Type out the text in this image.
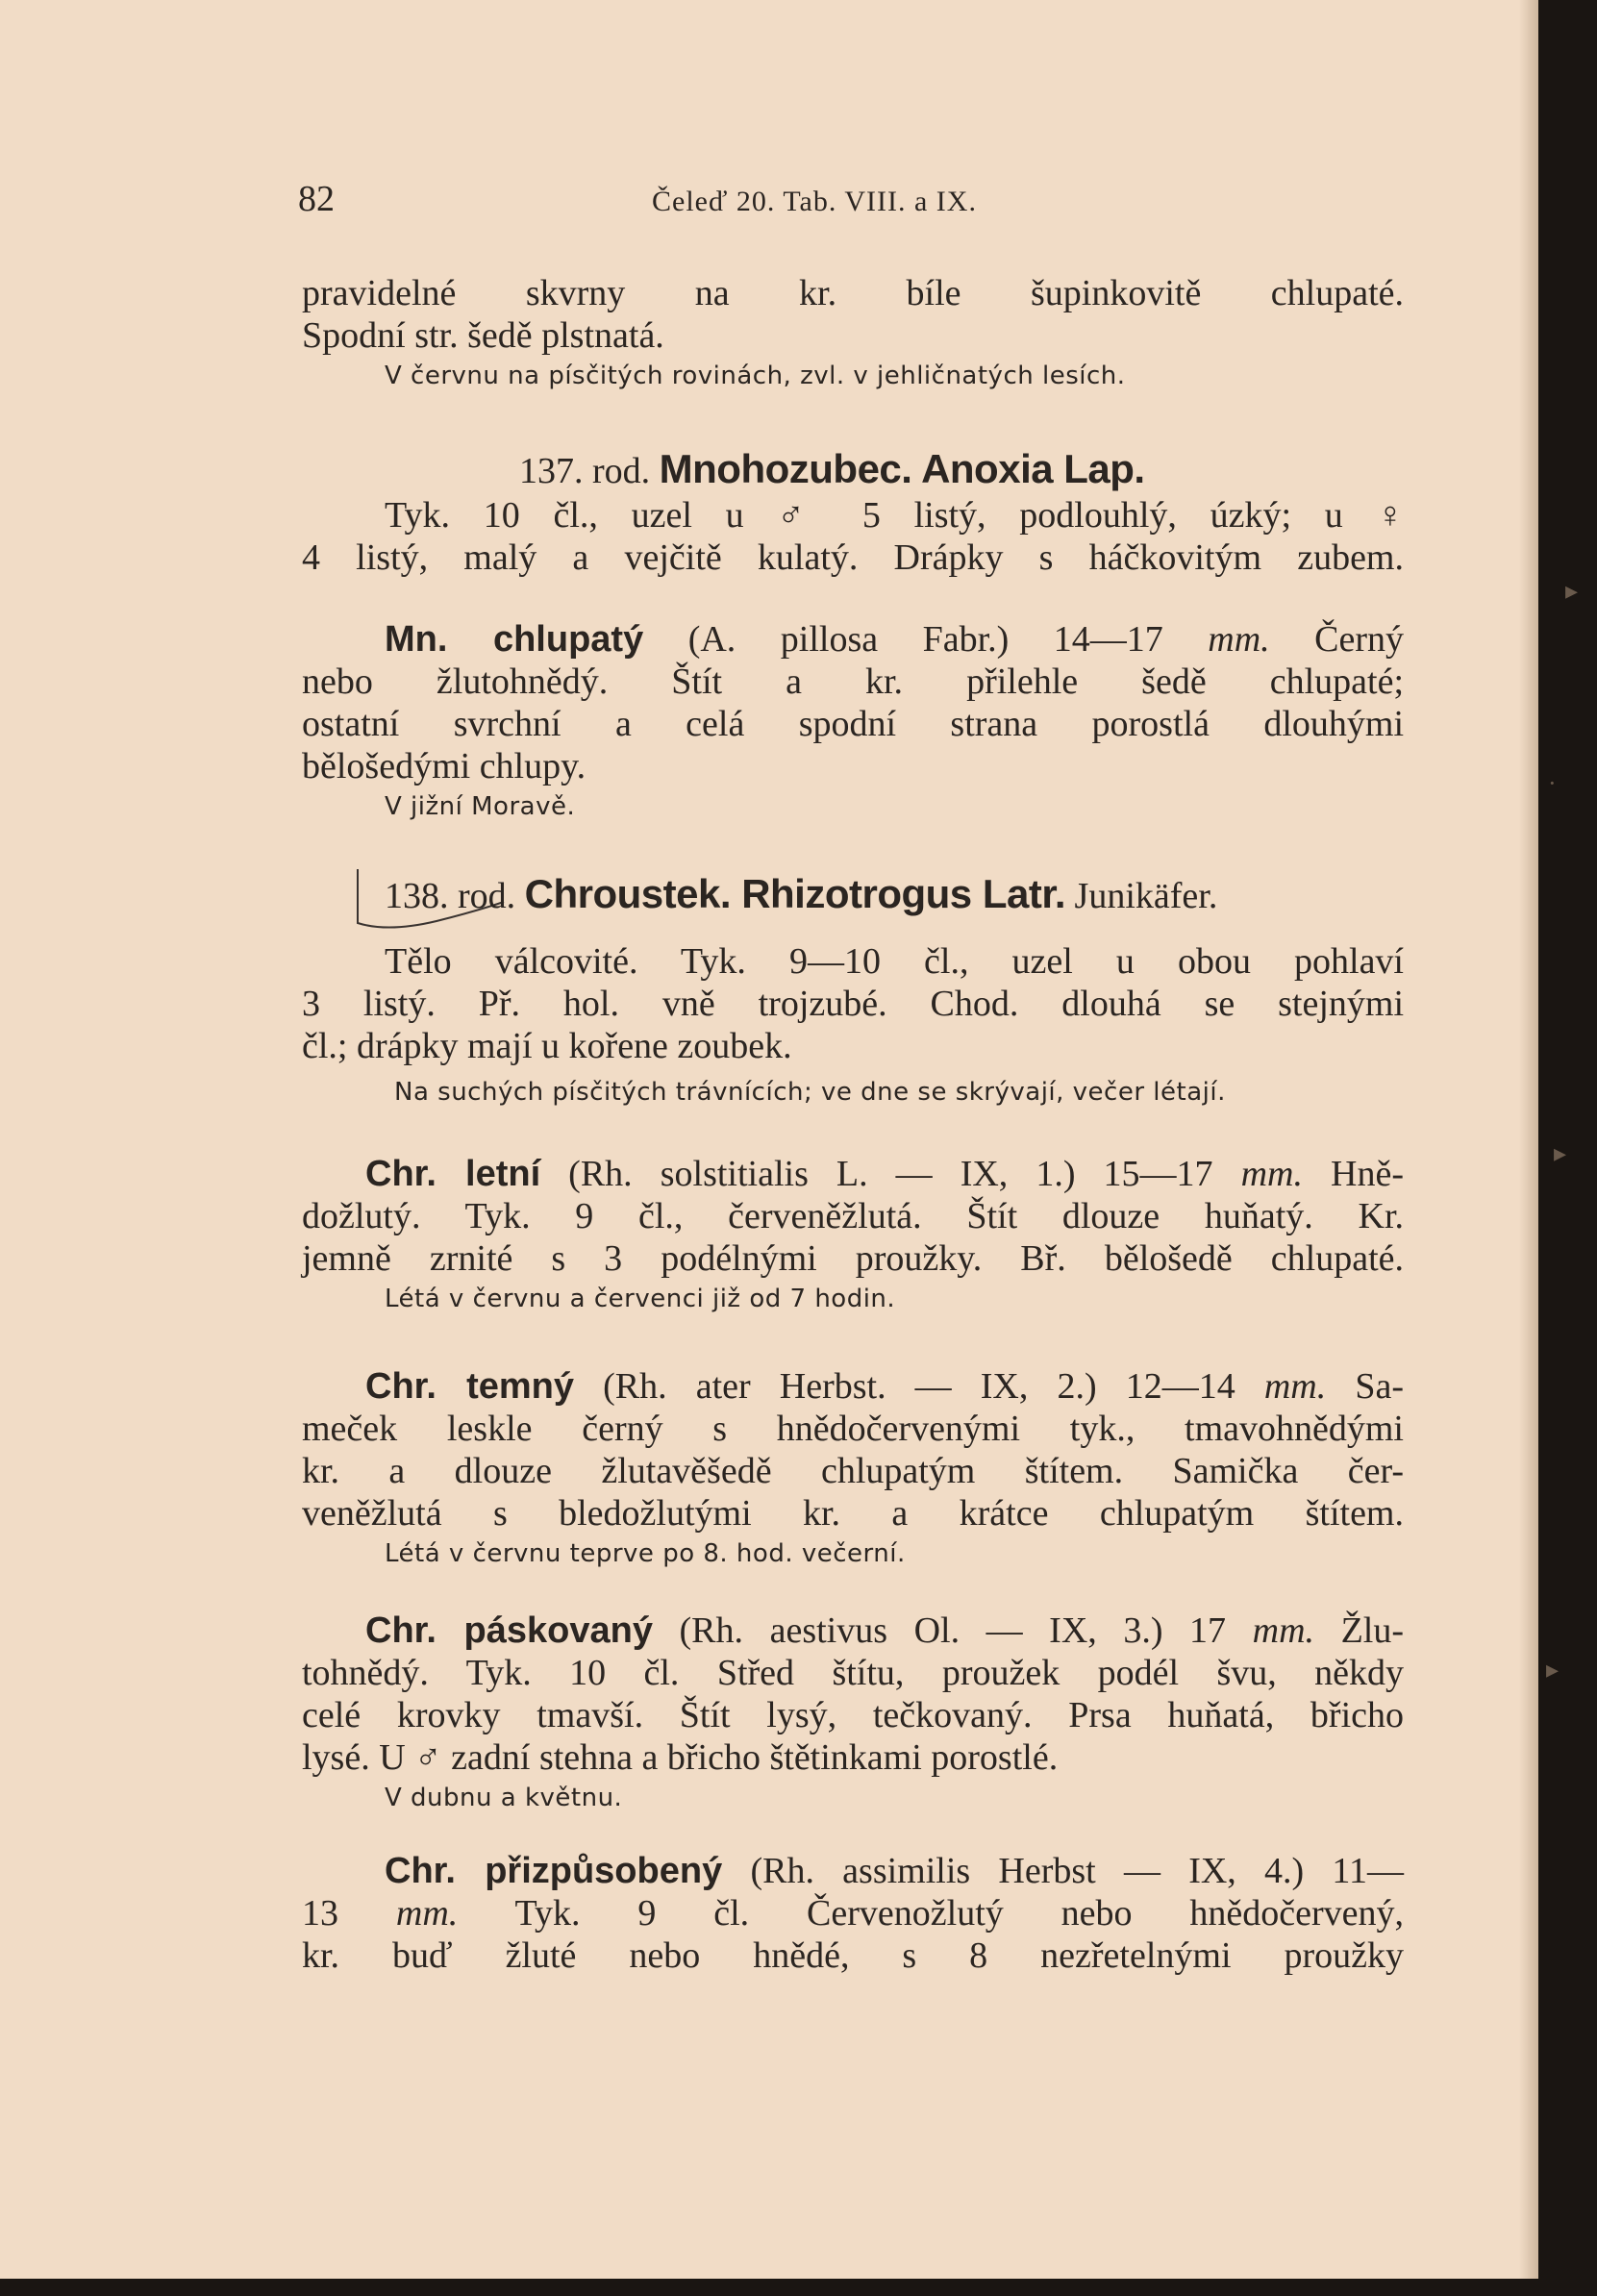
82	Čeleď 20. Tab. VIII. a IX.
pravidelné skvrny na kr. bíle šupinkovitě chlupaté.
Spodní str. šedě plstnatá.
V červnu na písčitých rovinách, zvl. v jehličnatých lesích.
137. rod. Mnohozubec. Anoxia Lap.
Tyk. 10 čl., uzel u ♂ 5 listý, podlouhlý, úzký; u ♀
4 listý, malý a vejčitě kulatý. Drápky s háčkovitým zubem.
Mn. chlupatý (A. pillosa Fabr.) 14—17 mm. Černý
nebo žlutohnědý. Štít a kr. přilehle šedě chlupaté;
ostatní svrchní a celá spodní strana porostlá dlouhými
bělošedými chlupy.
V jižní Moravě.
138. rod. Chroustek. Rhizotrogus Latr. Junikäfer.
Tělo válcovité. Tyk. 9—10 čl., uzel u obou pohlaví
3 listý. Př. hol. vně trojzubé. Chod. dlouhá se stejnými
čl.; drápky mají u kořene zoubek.
Na suchých písčitých trávnících; ve dne se skrývají, večer létají.
Chr. letní (Rh. solstitialis L. — IX, 1.) 15—17 mm. Hně-
dožlutý. Tyk. 9 čl., červeněžlutá. Štít dlouze huňatý. Kr.
jemně zrnité s 3 podélnými proužky. Bř. bělošedě chlupaté.
Létá v červnu a červenci již od 7 hodin.
Chr. temný (Rh. ater Herbst. — IX, 2.) 12—14 mm. Sa-
meček leskle černý s hnědočervenými tyk., tmavohnědými
kr. a dlouze žlutavěšedě chlupatým štítem. Samička čer-
veněžlutá s bledožlutými kr. a krátce chlupatým štítem.
Létá v červnu teprve po 8. hod. večerní.
Chr. páskovaný (Rh. aestivus Ol. — IX, 3.) 17 mm. Žlu-
tohnědý. Tyk. 10 čl. Střed štítu, proužek podél švu, někdy
celé krovky tmavší. Štít lysý, tečkovaný. Prsa huňatá, břicho
lysé. U ♂ zadní stehna a břicho štětinkami porostlé.
V dubnu a květnu.
Chr. přizpůsobený (Rh. assimilis Herbst — IX, 4.) 11—
13 mm. Tyk. 9 čl. Červenožlutý nebo hnědočervený,
kr. buď žluté nebo hnědé, s 8 nezřetelnými proužky
▸
·
▸
▸
